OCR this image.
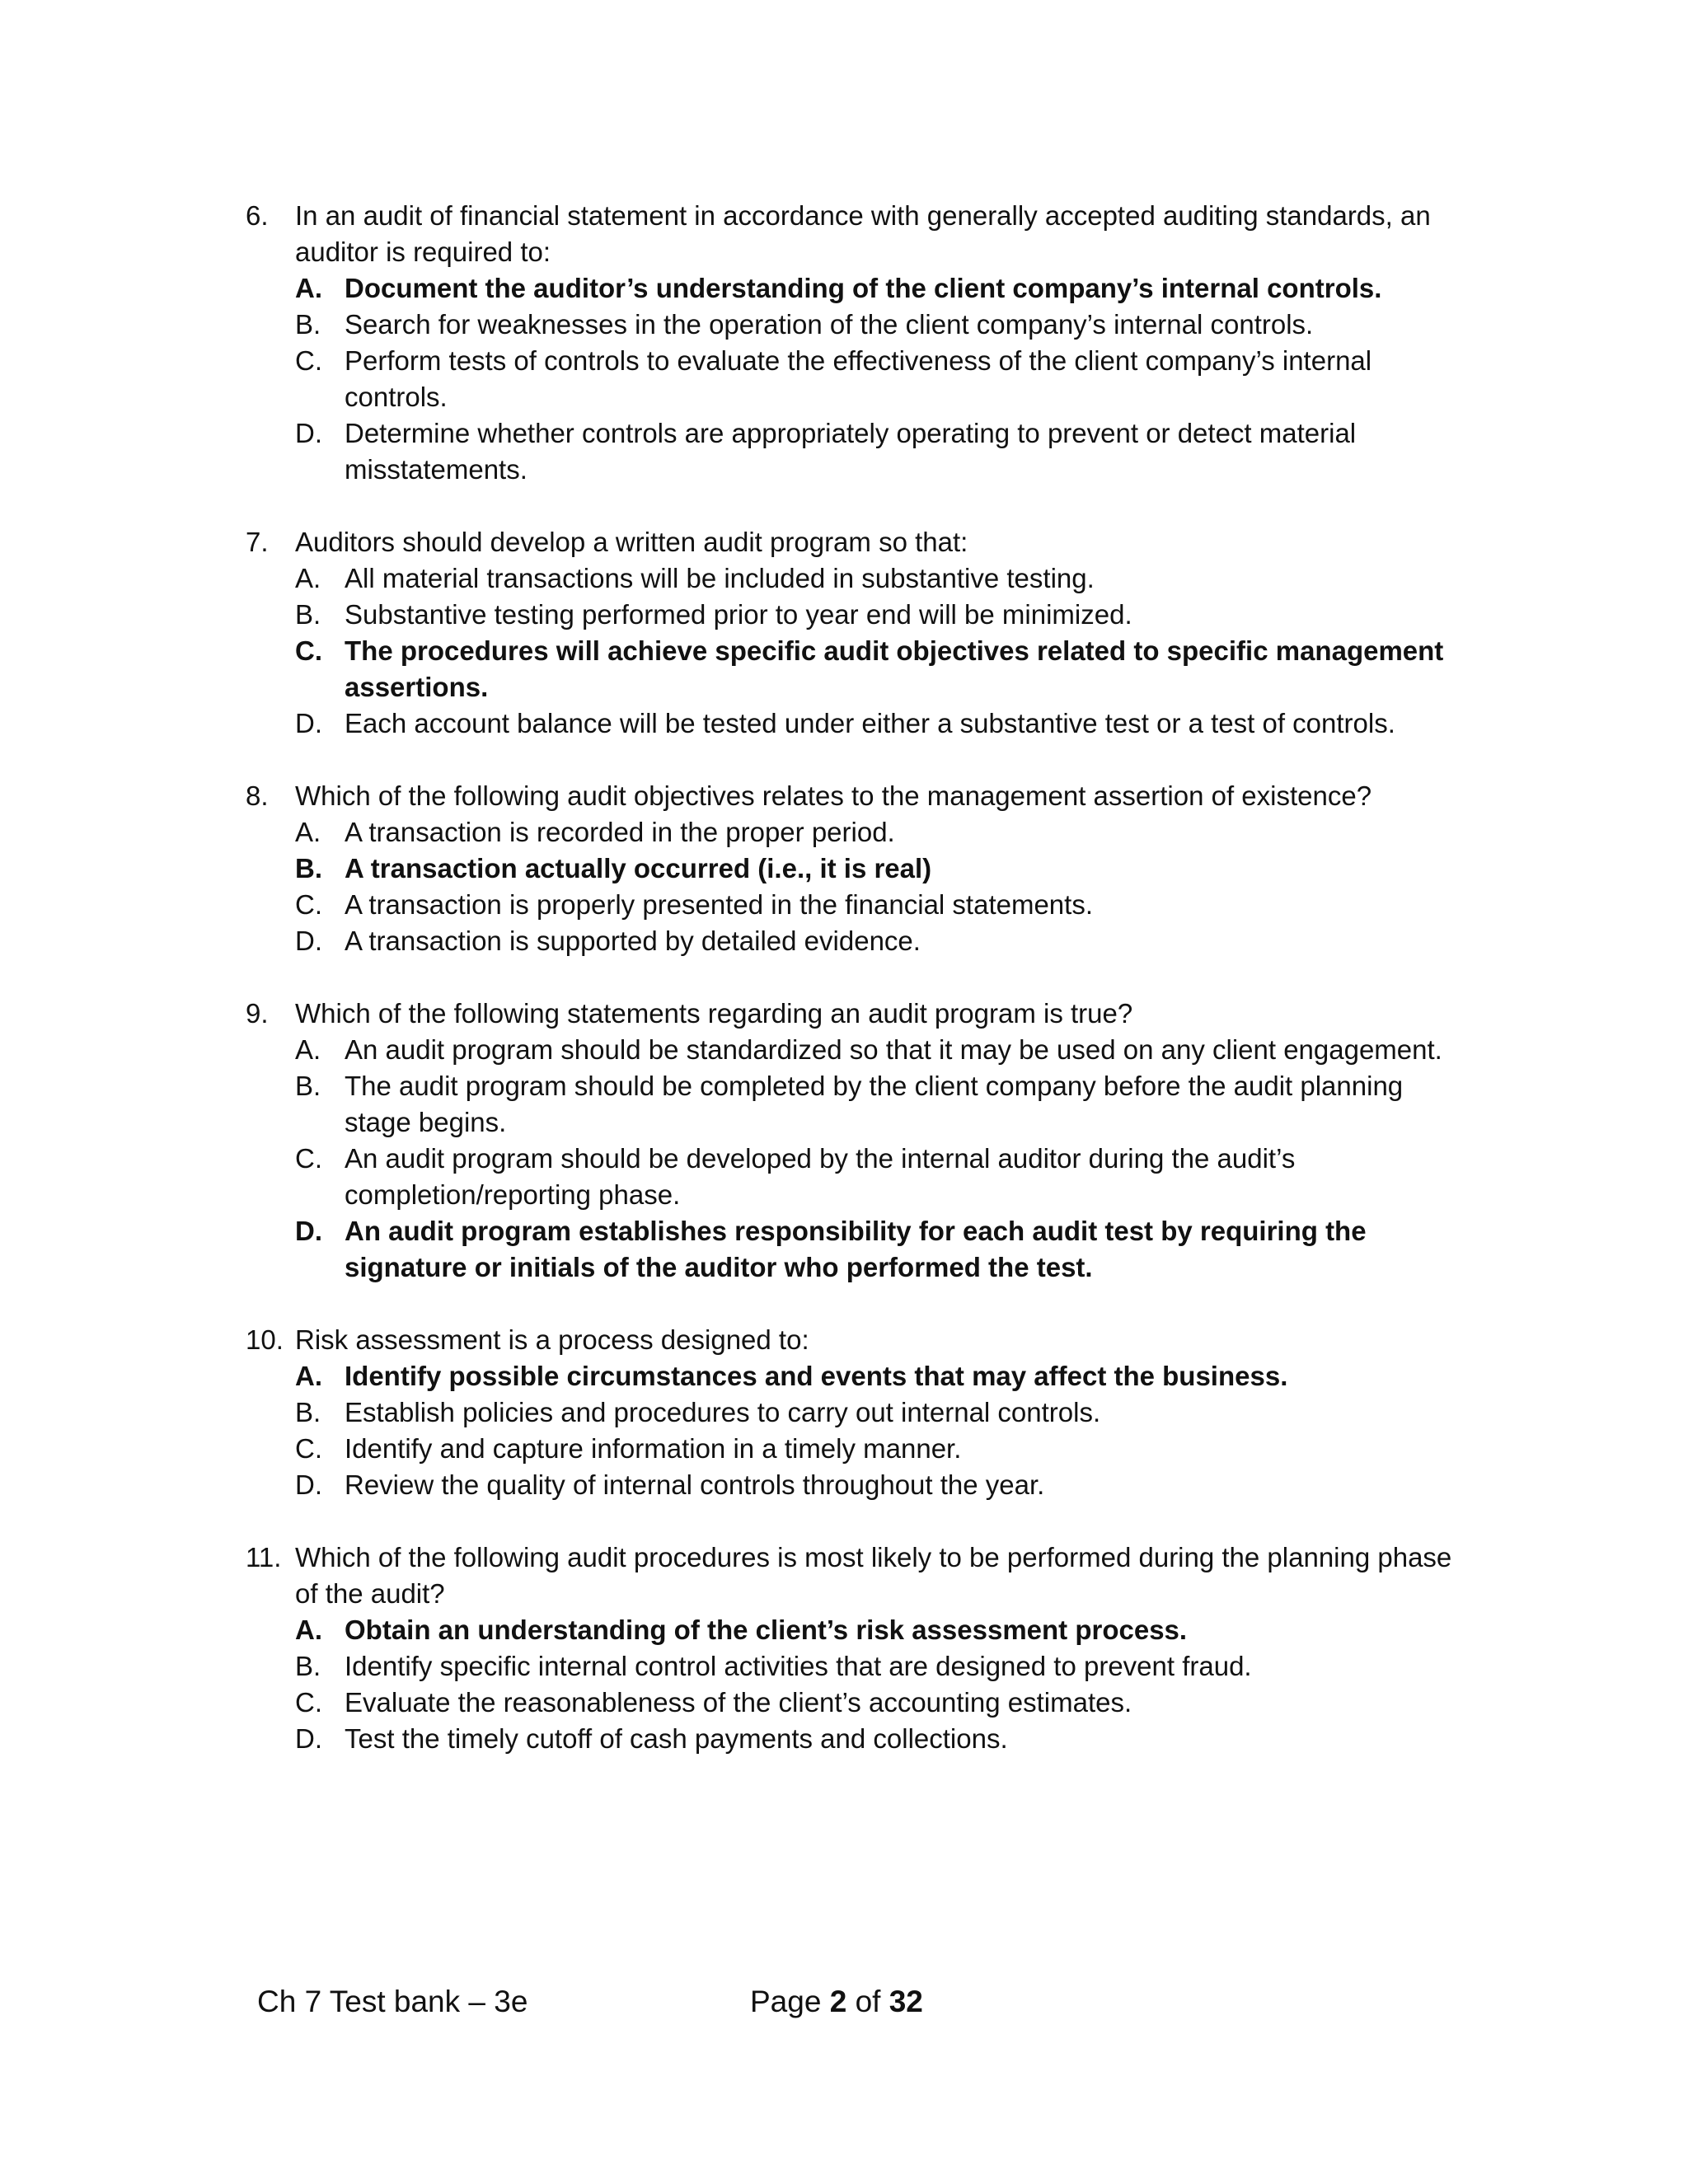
6. In an audit of financial statement in accordance with generally accepted auditing standards, an auditor is required to:
A. Document the auditor’s understanding of the client company’s internal controls.
B. Search for weaknesses in the operation of the client company’s internal controls.
C. Perform tests of controls to evaluate the effectiveness of the client company’s internal controls.
D. Determine whether controls are appropriately operating to prevent or detect material misstatements.
7. Auditors should develop a written audit program so that:
A. All material transactions will be included in substantive testing.
B. Substantive testing performed prior to year end will be minimized.
C. The procedures will achieve specific audit objectives related to specific management assertions.
D. Each account balance will be tested under either a substantive test or a test of controls.
8. Which of the following audit objectives relates to the management assertion of existence?
A. A transaction is recorded in the proper period.
B. A transaction actually occurred (i.e., it is real)
C. A transaction is properly presented in the financial statements.
D. A transaction is supported by detailed evidence.
9. Which of the following statements regarding an audit program is true?
A. An audit program should be standardized so that it may be used on any client engagement.
B. The audit program should be completed by the client company before the audit planning stage begins.
C. An audit program should be developed by the internal auditor during the audit’s completion/reporting phase.
D. An audit program establishes responsibility for each audit test by requiring the signature or initials of the auditor who performed the test.
10. Risk assessment is a process designed to:
A. Identify possible circumstances and events that may affect the business.
B. Establish policies and procedures to carry out internal controls.
C. Identify and capture information in a timely manner.
D. Review the quality of internal controls throughout the year.
11. Which of the following audit procedures is most likely to be performed during the planning phase of the audit?
A. Obtain an understanding of the client’s risk assessment process.
B. Identify specific internal control activities that are designed to prevent fraud.
C. Evaluate the reasonableness of the client’s accounting estimates.
D. Test the timely cutoff of cash payments and collections.
Ch 7 Test bank – 3e	Page 2 of 32
